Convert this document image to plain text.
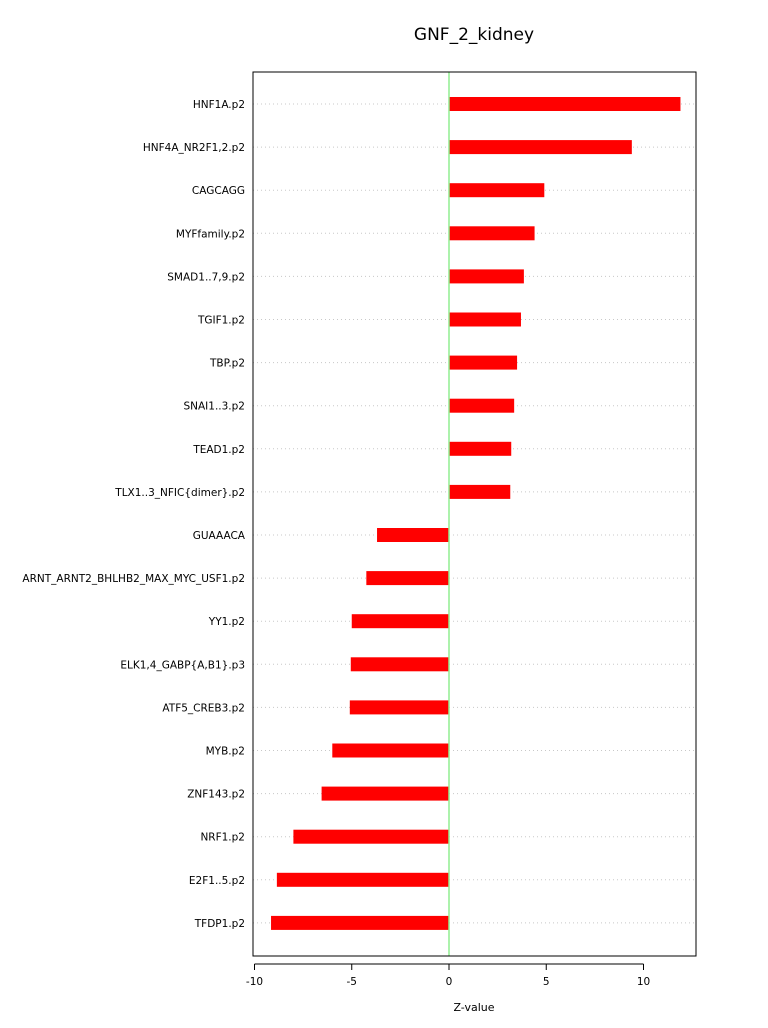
GNF_2_kidney
HNF1A.p2
HNF4A_NR2F1,2.p2
CAGCAGG
MYFfamily.p2
SMAD1..7,9.p2
TGIF1.p2
TBP.p2
SNAI1..3.p2
TEAD1.p2
TLX1..3_NFIC{dimer}.p2
GUAAACA
ARNT_ARNT2_BHLHB2_MAX_MYC_USF1.p2
YY1.p2
ELK1,4_GABP{A,B1}.p3
ATF5_CREB3.p2
MYB.p2
ZNF143.p2
NRF1.p2
E2F1..5.p2
TFDP1.p2
-10	-5	0	5	10
Z-value
